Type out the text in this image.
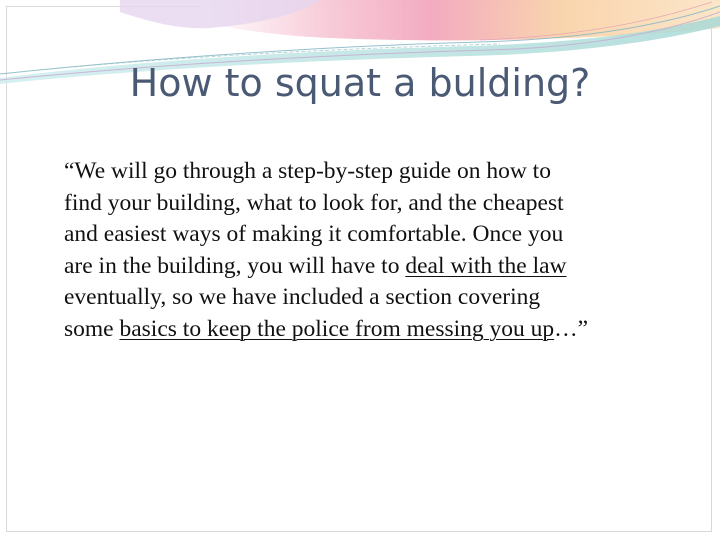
How to squat a bulding?

“We will go through a step-by-step guide on how to
find your building, what to look for, and the cheapest
and easiest ways of making it comfortable. Once you
are in the building, you will have to deal with the law
eventually, so we have included a section covering
some basics to keep the police from messing you up…”
